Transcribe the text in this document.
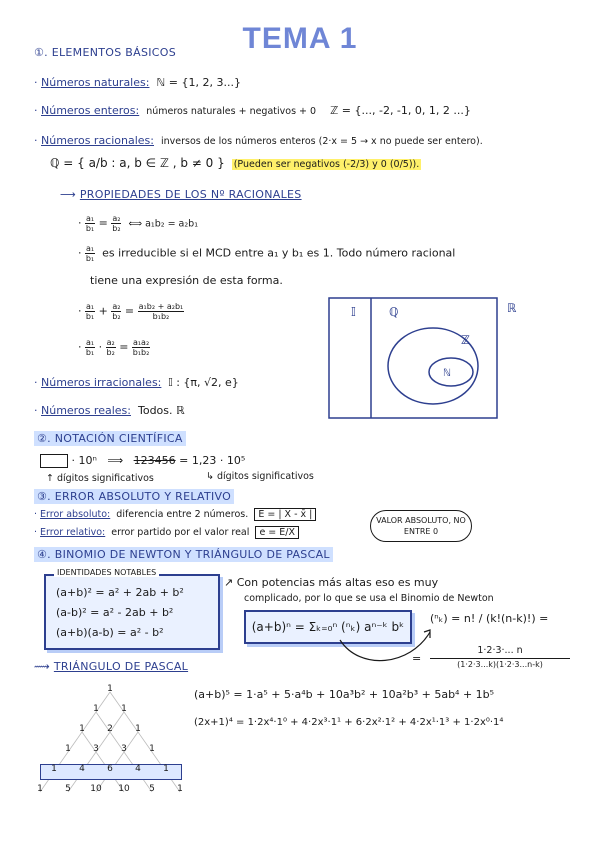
TEMA 1
①. ELEMENTOS BÁSICOS
· Números naturales: ℕ = {1, 2, 3...}
· Números enteros: números naturales + negativos + 0 ℤ = {..., -2, -1, 0, 1, 2 ...}
· Números racionales: inversos de los números enteros (2·x = 5 → x no puede ser entero).
ℚ = { a/b : a, b ∈ ℤ , b ≠ 0 } (Pueden ser negativos (-2/3) y 0 (0/5)).
⟶ PROPIEDADES DE LOS Nº RACIONALES
· $\frac{\text{a₁}}{\text{b₁}} = \frac{\text{a₂}}{\text{b₂}}$ ⟺ a₁b₂ = a₂b₁
· $\frac{\text{a₁}}{\text{b₁}}$ es irreducible si el MCD entre a₁ y b₁ es 1. Todo número racional
tiene una expresión de esta forma.
· $\frac{\text{a₁}}{\text{b₁}} + \frac{\text{a₂}}{\text{b₂}} = \frac{\text{a₁b₂ + a₂b₁}}{\text{b₁b₂}}$
· $\frac{\text{a₁}}{\text{b₁}} \cdot \frac{\text{a₂}}{\text{b₂}} = \frac{\text{a₁a₂}}{\text{b₁b₂}}$
𝕀	ℚ	ℝ
ℤ
ℕ
· Números irracionales: 𝕀 : {π, √2, e}
· Números reales: Todos. ℝ
②. NOTACIÓN CIENTÍFICA
· 10ⁿ   ⟹   123456 = 1,23 · 10⁵
↑ dígitos significativos	↳ dígitos significativos
③. ERROR ABSOLUTO Y RELATIVO
· Error absoluto: diferencia entre 2 números. E = | X - x̄ |
· Error relativo: error partido por el valor real e = E/X
VALOR ABSOLUTO, NO ENTRE 0
④. BINOMIO DE NEWTON Y TRIÁNGULO DE PASCAL
IDENTIDADES NOTABLES
(a+b)² = a² + 2ab + b²
(a-b)² = a² - 2ab + b²
(a+b)(a-b) = a² - b²
↗ Con potencias más altas eso es muy
complicado, por lo que se usa el Binomio de Newton
(a+b)ⁿ = Σₖ₌₀ⁿ (ⁿₖ) aⁿ⁻ᵏ bᵏ
(ⁿₖ) = n! / (k!(n-k)!) =
1·2·3·... n
=	(1·2·3...k)(1·2·3...n-k)
⟿ TRIÁNGULO DE PASCAL
(a+b)⁵ = 1·a⁵ + 5·a⁴b + 10a³b² + 10a²b³ + 5ab⁴ + 1b⁵
(2x+1)⁴ = 1·2x⁴·1⁰ + 4·2x³·1¹ + 6·2x²·1² + 4·2x¹·1³ + 1·2x⁰·1⁴
1
1	1
1	2	1
1	3	3	1
1	4	6	4	1
1	5	10 10	5	1
